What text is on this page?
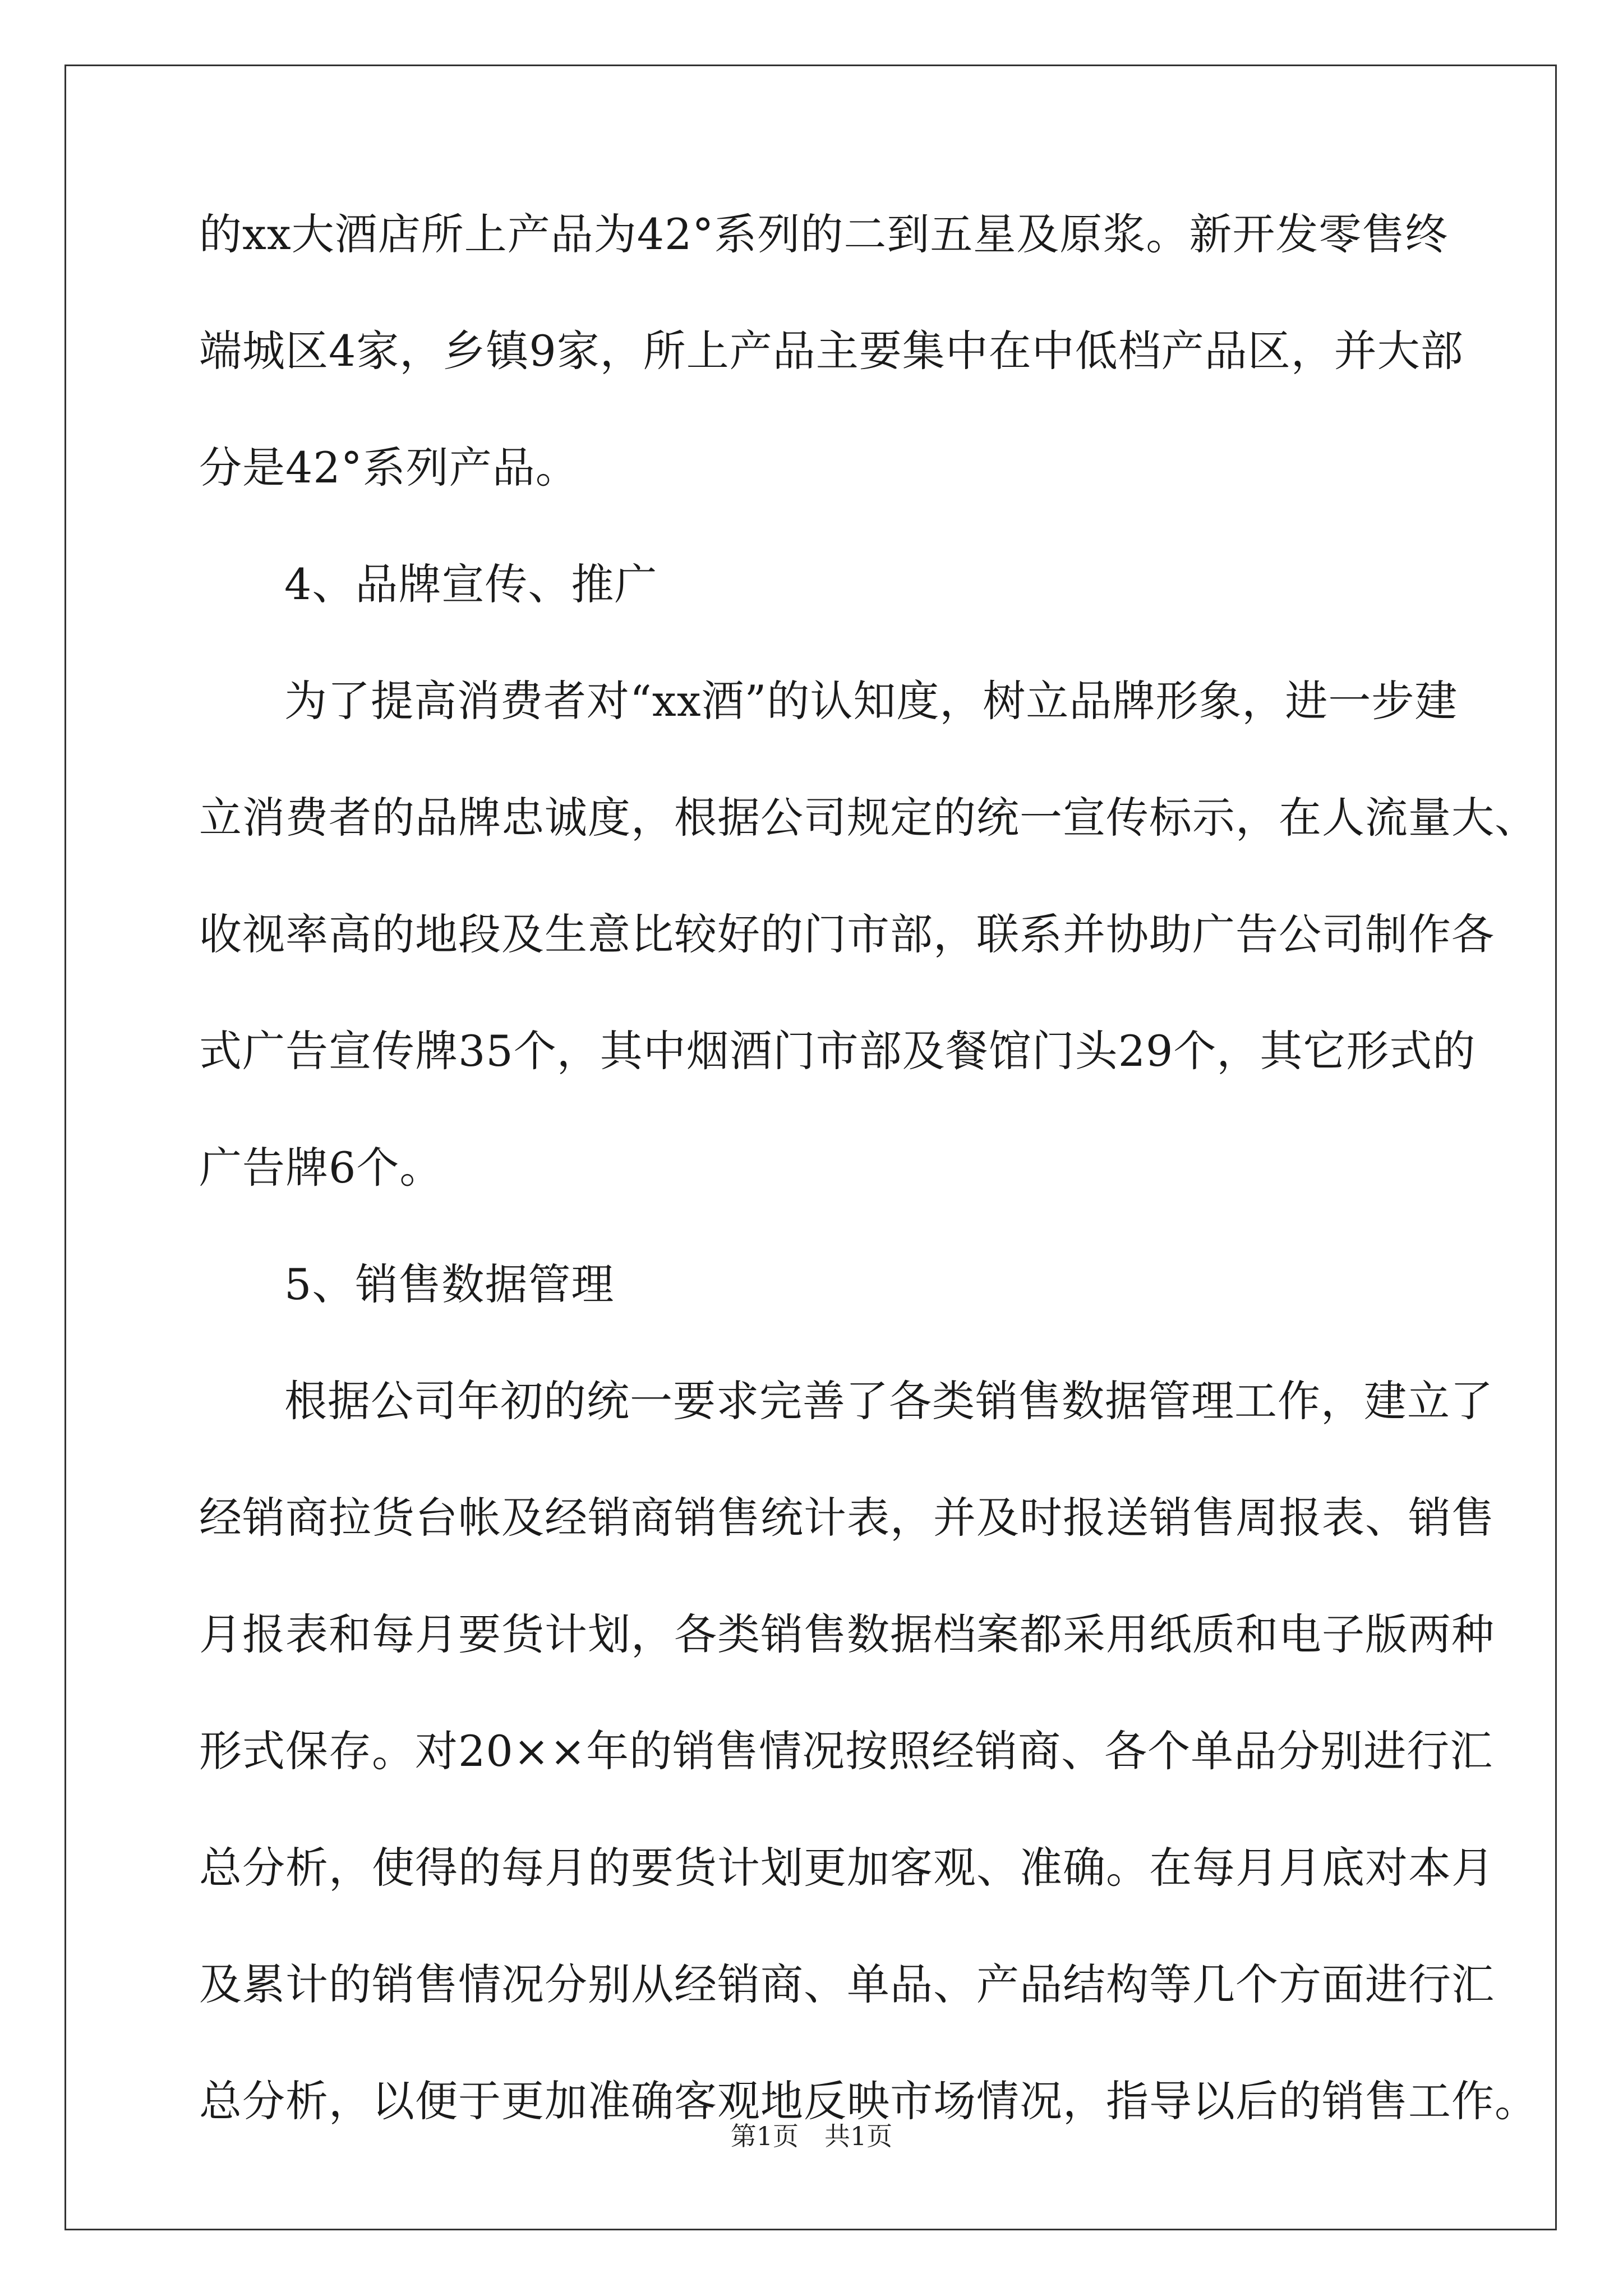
的xx大酒店所上产品为42°系列的二到五星及原浆。新开发零售终
端城区4家，乡镇9家，所上产品主要集中在中低档产品区，并大部
分是42°系列产品。
4、品牌宣传、推广
为了提高消费者对“xx酒”的认知度，树立品牌形象，进一步建
立消费者的品牌忠诚度，根据公司规定的统一宣传标示，在人流量大、
收视率高的地段及生意比较好的门市部，联系并协助广告公司制作各
式广告宣传牌35个，其中烟酒门市部及餐馆门头29个，其它形式的
广告牌6个。
5、销售数据管理
根据公司年初的统一要求完善了各类销售数据管理工作，建立了
经销商拉货台帐及经销商销售统计表，并及时报送销售周报表、销售
月报表和每月要货计划，各类销售数据档案都采用纸质和电子版两种
形式保存。对20××年的销售情况按照经销商、各个单品分别进行汇
总分析，使得的每月的要货计划更加客观、准确。在每月月底对本月
及累计的销售情况分别从经销商、单品、产品结构等几个方面进行汇
总分析，以便于更加准确客观地反映市场情况，指导以后的销售工作。
第1页　共1页
